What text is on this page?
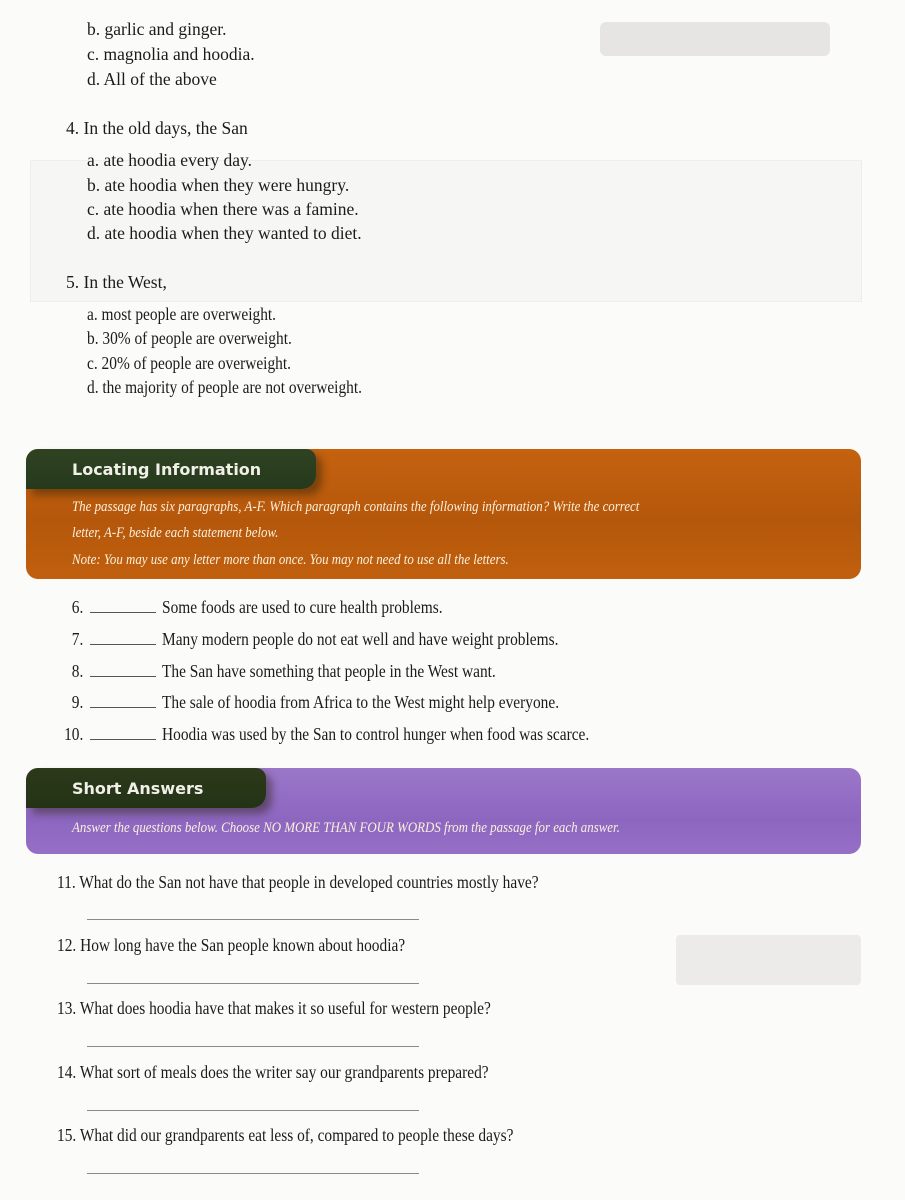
b. garlic and ginger.
c. magnolia and hoodia.
d. All of the above
4. In the old days, the San
a. ate hoodia every day.
b. ate hoodia when they were hungry.
c. ate hoodia when there was a famine.
d. ate hoodia when they wanted to diet.
5. In the West,
a. most people are overweight.
b. 30% of people are overweight.
c. 20% of people are overweight.
d. the majority of people are not overweight.
Locating Information
The passage has six paragraphs, A-F. Which paragraph contains the following information? Write the correct
letter, A-F, beside each statement below.
Note: You may use any letter more than once. You may not need to use all the letters.
6.	Some foods are used to cure health problems.
7.	Many modern people do not eat well and have weight problems.
8.	The San have something that people in the West want.
9.	The sale of hoodia from Africa to the West might help everyone.
10.	Hoodia was used by the San to control hunger when food was scarce.
Short Answers
Answer the questions below. Choose NO MORE THAN FOUR WORDS from the passage for each answer.
11. What do the San not have that people in developed countries mostly have?
12. How long have the San people known about hoodia?
13. What does hoodia have that makes it so useful for western people?
14. What sort of meals does the writer say our grandparents prepared?
15. What did our grandparents eat less of, compared to people these days?
